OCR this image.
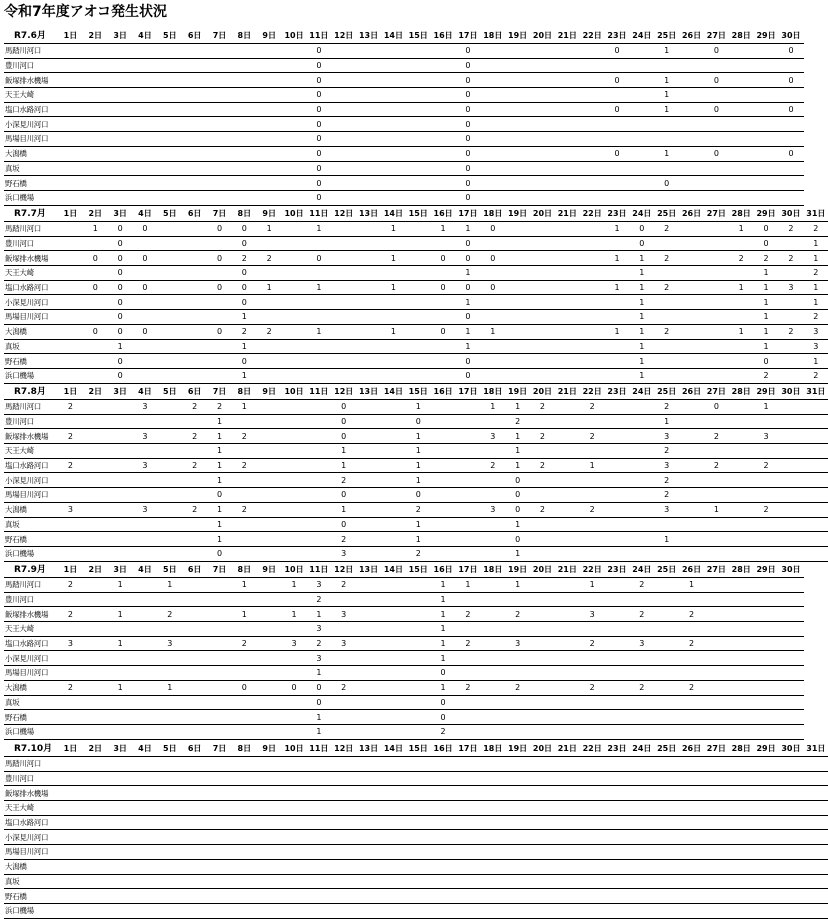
令和7年度アオコ発生状況
R7.6月	1日	2日	3日	4日	5日	6日	7日	8日	9日	10日	11日	12日	13日	14日	15日	16日	17日	18日	19日	20日	21日	22日	23日	24日	25日	26日	27日	28日	29日	30日
馬踏川河口											0						0						0		1		0			0
豊川河口											0						0													
飯塚排水機場											0						0						0		1		0			0
天王大崎											0						0								1					
塩口水路河口											0						0						0		1		0			0
小深見川河口											0						0													
馬場目川河口											0						0													
大潟橋											0						0						0		1		0			0
真坂											0						0													
野石橋											0						0								0					
浜口機場											0						0													
R7.7月	1日	2日	3日	4日	5日	6日	7日	8日	9日	10日	11日	12日	13日	14日	15日	16日	17日	18日	19日	20日	21日	22日	23日	24日	25日	26日	27日	28日	29日	30日	31日
馬踏川河口		1	0	0			0	0	1		1			1		1	1	0					1	0	2			1	0	2	2
豊川河口			0					0									0							0					0		1
飯塚排水機場		0	0	0			0	2	2		0			1		0	0	0					1	1	2			2	2	2	1
天王大崎			0					0									1							1					1		2
塩口水路河口		0	0	0			0	0	1		1			1		0	0	0					1	1	2			1	1	3	1
小深見川河口			0					0									1							1					1		1
馬場目川河口			0					1									0							1					1		2
大潟橋		0	0	0			0	2	2		1			1		0	1	1					1	1	2			1	1	2	3
真坂			1					1									1							1					1		3
野石橋			0					0									0							1					0		1
浜口機場			0					1									0							1					2		2
R7.8月	1日	2日	3日	4日	5日	6日	7日	8日	9日	10日	11日	12日	13日	14日	15日	16日	17日	18日	19日	20日	21日	22日	23日	24日	25日	26日	27日	28日	29日	30日	31日
馬踏川河口	2			3		2	2	1				0			1			1	1	2		2			2		0		1		
豊川河口							1					0			0				2						1						
飯塚排水機場	2			3		2	1	2				0			1			3	1	2		2			3		2		3		
天王大崎							1					1			1				1						2						
塩口水路河口	2			3		2	1	2				1			1			2	1	2		1			3		2		2		
小深見川河口							1					2			1				0						2						
馬場目川河口							0					0			0				0						2						
大潟橋	3			3		2	1	2				1			2			3	0	2		2			3		1		2		
真坂							1					0			1				1												
野石橋							1					2			1				0						1						
浜口機場							0					3			2				1												
R7.9月	1日	2日	3日	4日	5日	6日	7日	8日	9日	10日	11日	12日	13日	14日	15日	16日	17日	18日	19日	20日	21日	22日	23日	24日	25日	26日	27日	28日	29日	30日
馬踏川河口	2		1		1			1		1	3	2				1	1		1			1		2		1				
豊川河口											2					1														
飯塚排水機場	2		1		2			1		1	1	3				1	2		2			3		2		2				
天王大崎											3					1														
塩口水路河口	3		1		3			2		3	2	3				1	2		3			2		3		2				
小深見川河口											3					1														
馬場目川河口											1					0														
大潟橋	2		1		1			0		0	0	2				1	2		2			2		2		2				
真坂											0					0														
野石橋											1					0														
浜口機場											1					2														
R7.10月	1日	2日	3日	4日	5日	6日	7日	8日	9日	10日	11日	12日	13日	14日	15日	16日	17日	18日	19日	20日	21日	22日	23日	24日	25日	26日	27日	28日	29日	30日	31日
馬踏川河口																															
豊川河口																															
飯塚排水機場																															
天王大崎																															
塩口水路河口																															
小深見川河口																															
馬場目川河口																															
大潟橋																															
真坂																															
野石橋																															
浜口機場																															
